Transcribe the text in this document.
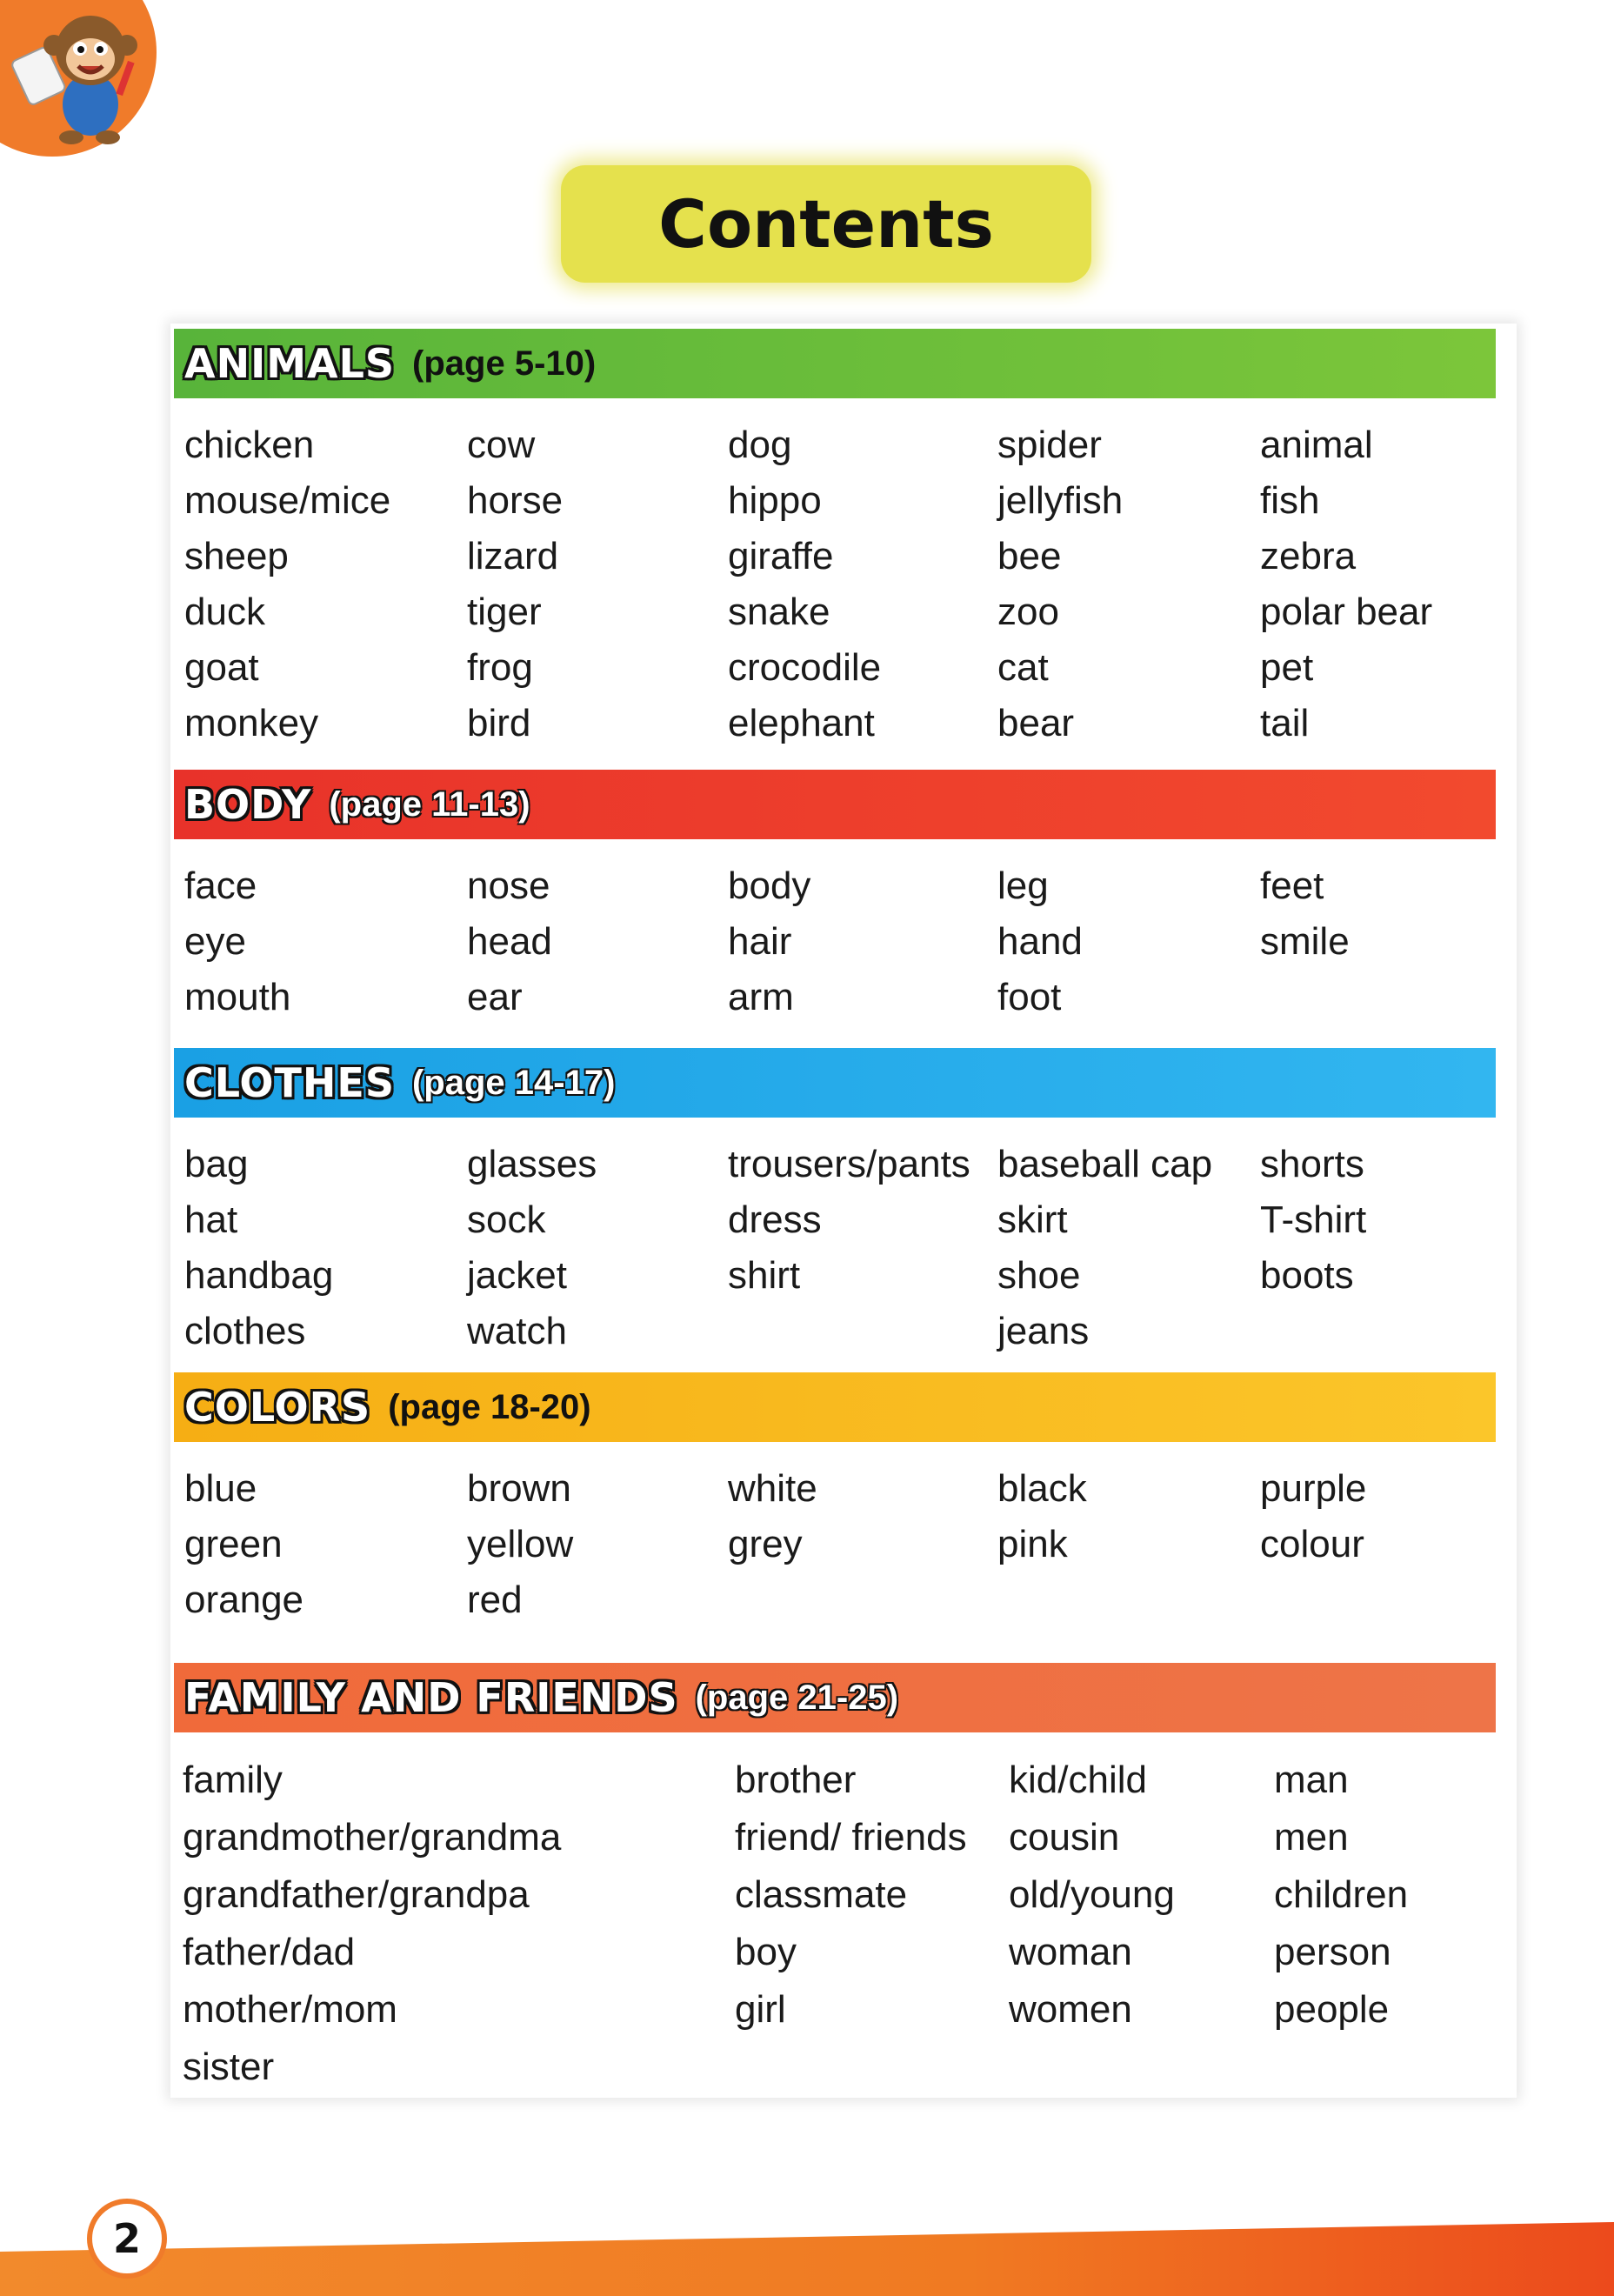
Contents
ANIMALS (page 5-10)
chicken
mouse/mice
sheep
duck
goat
monkey
cow
horse
lizard
tiger
frog
bird
dog
hippo
giraffe
snake
crocodile
elephant
spider
jellyfish
bee
zoo
cat
bear
animal
fish
zebra
polar bear
pet
tail
BODY (page 11-13)
face
eye
mouth
nose
head
ear
body
hair
arm
leg
hand
foot
feet
smile
CLOTHES (page 14-17)
bag
hat
handbag
clothes
glasses
sock
jacket
watch
trousers/pants
dress
shirt
baseball cap
skirt
shoe
jeans
shorts
T-shirt
boots
COLORS (page 18-20)
blue
green
orange
brown
yellow
red
white
grey
black
pink
purple
colour
FAMILY AND FRIENDS (page 21-25)
family
grandmother/grandma
grandfather/grandpa
father/dad
mother/mom
sister
brother
friend/ friends
classmate
boy
girl
kid/child
cousin
old/young
woman
women
man
men
children
person
people
2
